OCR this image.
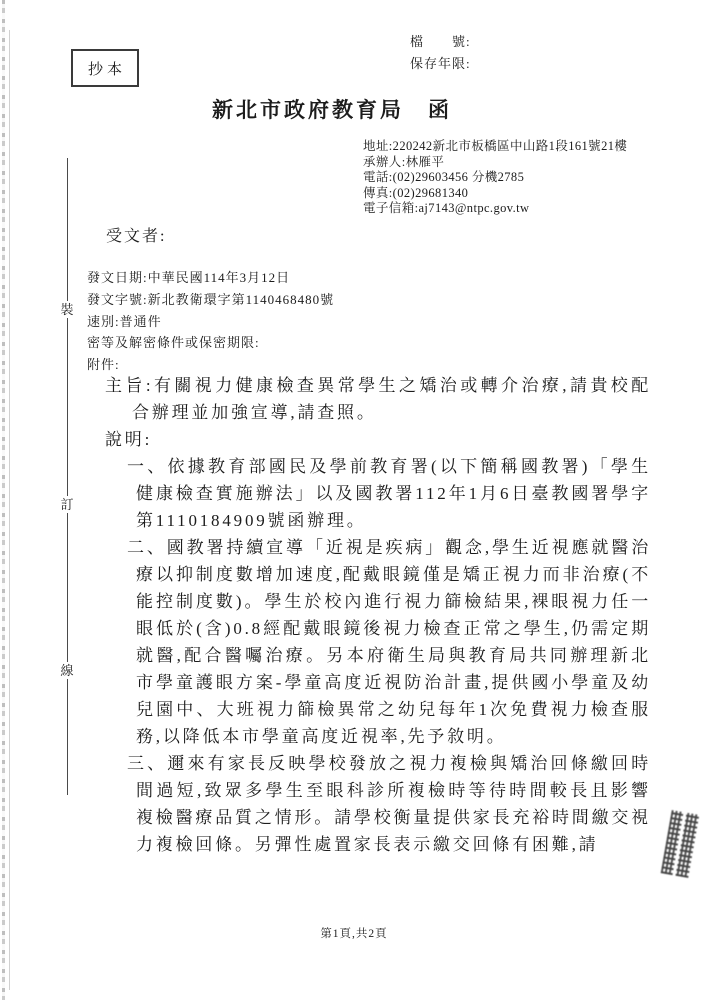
抄本
檔　　號:
保存年限:
新北市政府教育局　函
地址:220242新北市板橋區中山路1段161號21樓
承辦人:林雁平
電話:(02)29603456 分機2785
傳真:(02)29681340
電子信箱:aj7143@ntpc.gov.tw
受文者:
發文日期:中華民國114年3月12日
發文字號:新北教衛環字第1140468480號
速別:普通件
密等及解密條件或保密期限:
附件:
主旨:有關視力健康檢查異常學生之矯治或轉介治療,請貴校配合辦理並加強宣導,請查照。
說明:
一、依據教育部國民及學前教育署(以下簡稱國教署)「學生健康檢查實施辦法」以及國教署112年1月6日臺教國署學字第1110184909號函辦理。
二、國教署持續宣導「近視是疾病」觀念,學生近視應就醫治療以抑制度數增加速度,配戴眼鏡僅是矯正視力而非治療(不能控制度數)。學生於校內進行視力篩檢結果,裸眼視力任一眼低於(含)0.8經配戴眼鏡後視力檢查正常之學生,仍需定期就醫,配合醫囑治療。另本府衛生局與教育局共同辦理新北市學童護眼方案-學童高度近視防治計畫,提供國小學童及幼兒園中、大班視力篩檢異常之幼兒每年1次免費視力檢查服務,以降低本市學童高度近視率,先予敘明。
三、邇來有家長反映學校發放之視力複檢與矯治回條繳回時間過短,致眾多學生至眼科診所複檢時等待時間較長且影響複檢醫療品質之情形。請學校衡量提供家長充裕時間繳交視力複檢回條。另彈性處置家長表示繳交回條有困難,請
裝
訂
線
第1頁,共2頁
